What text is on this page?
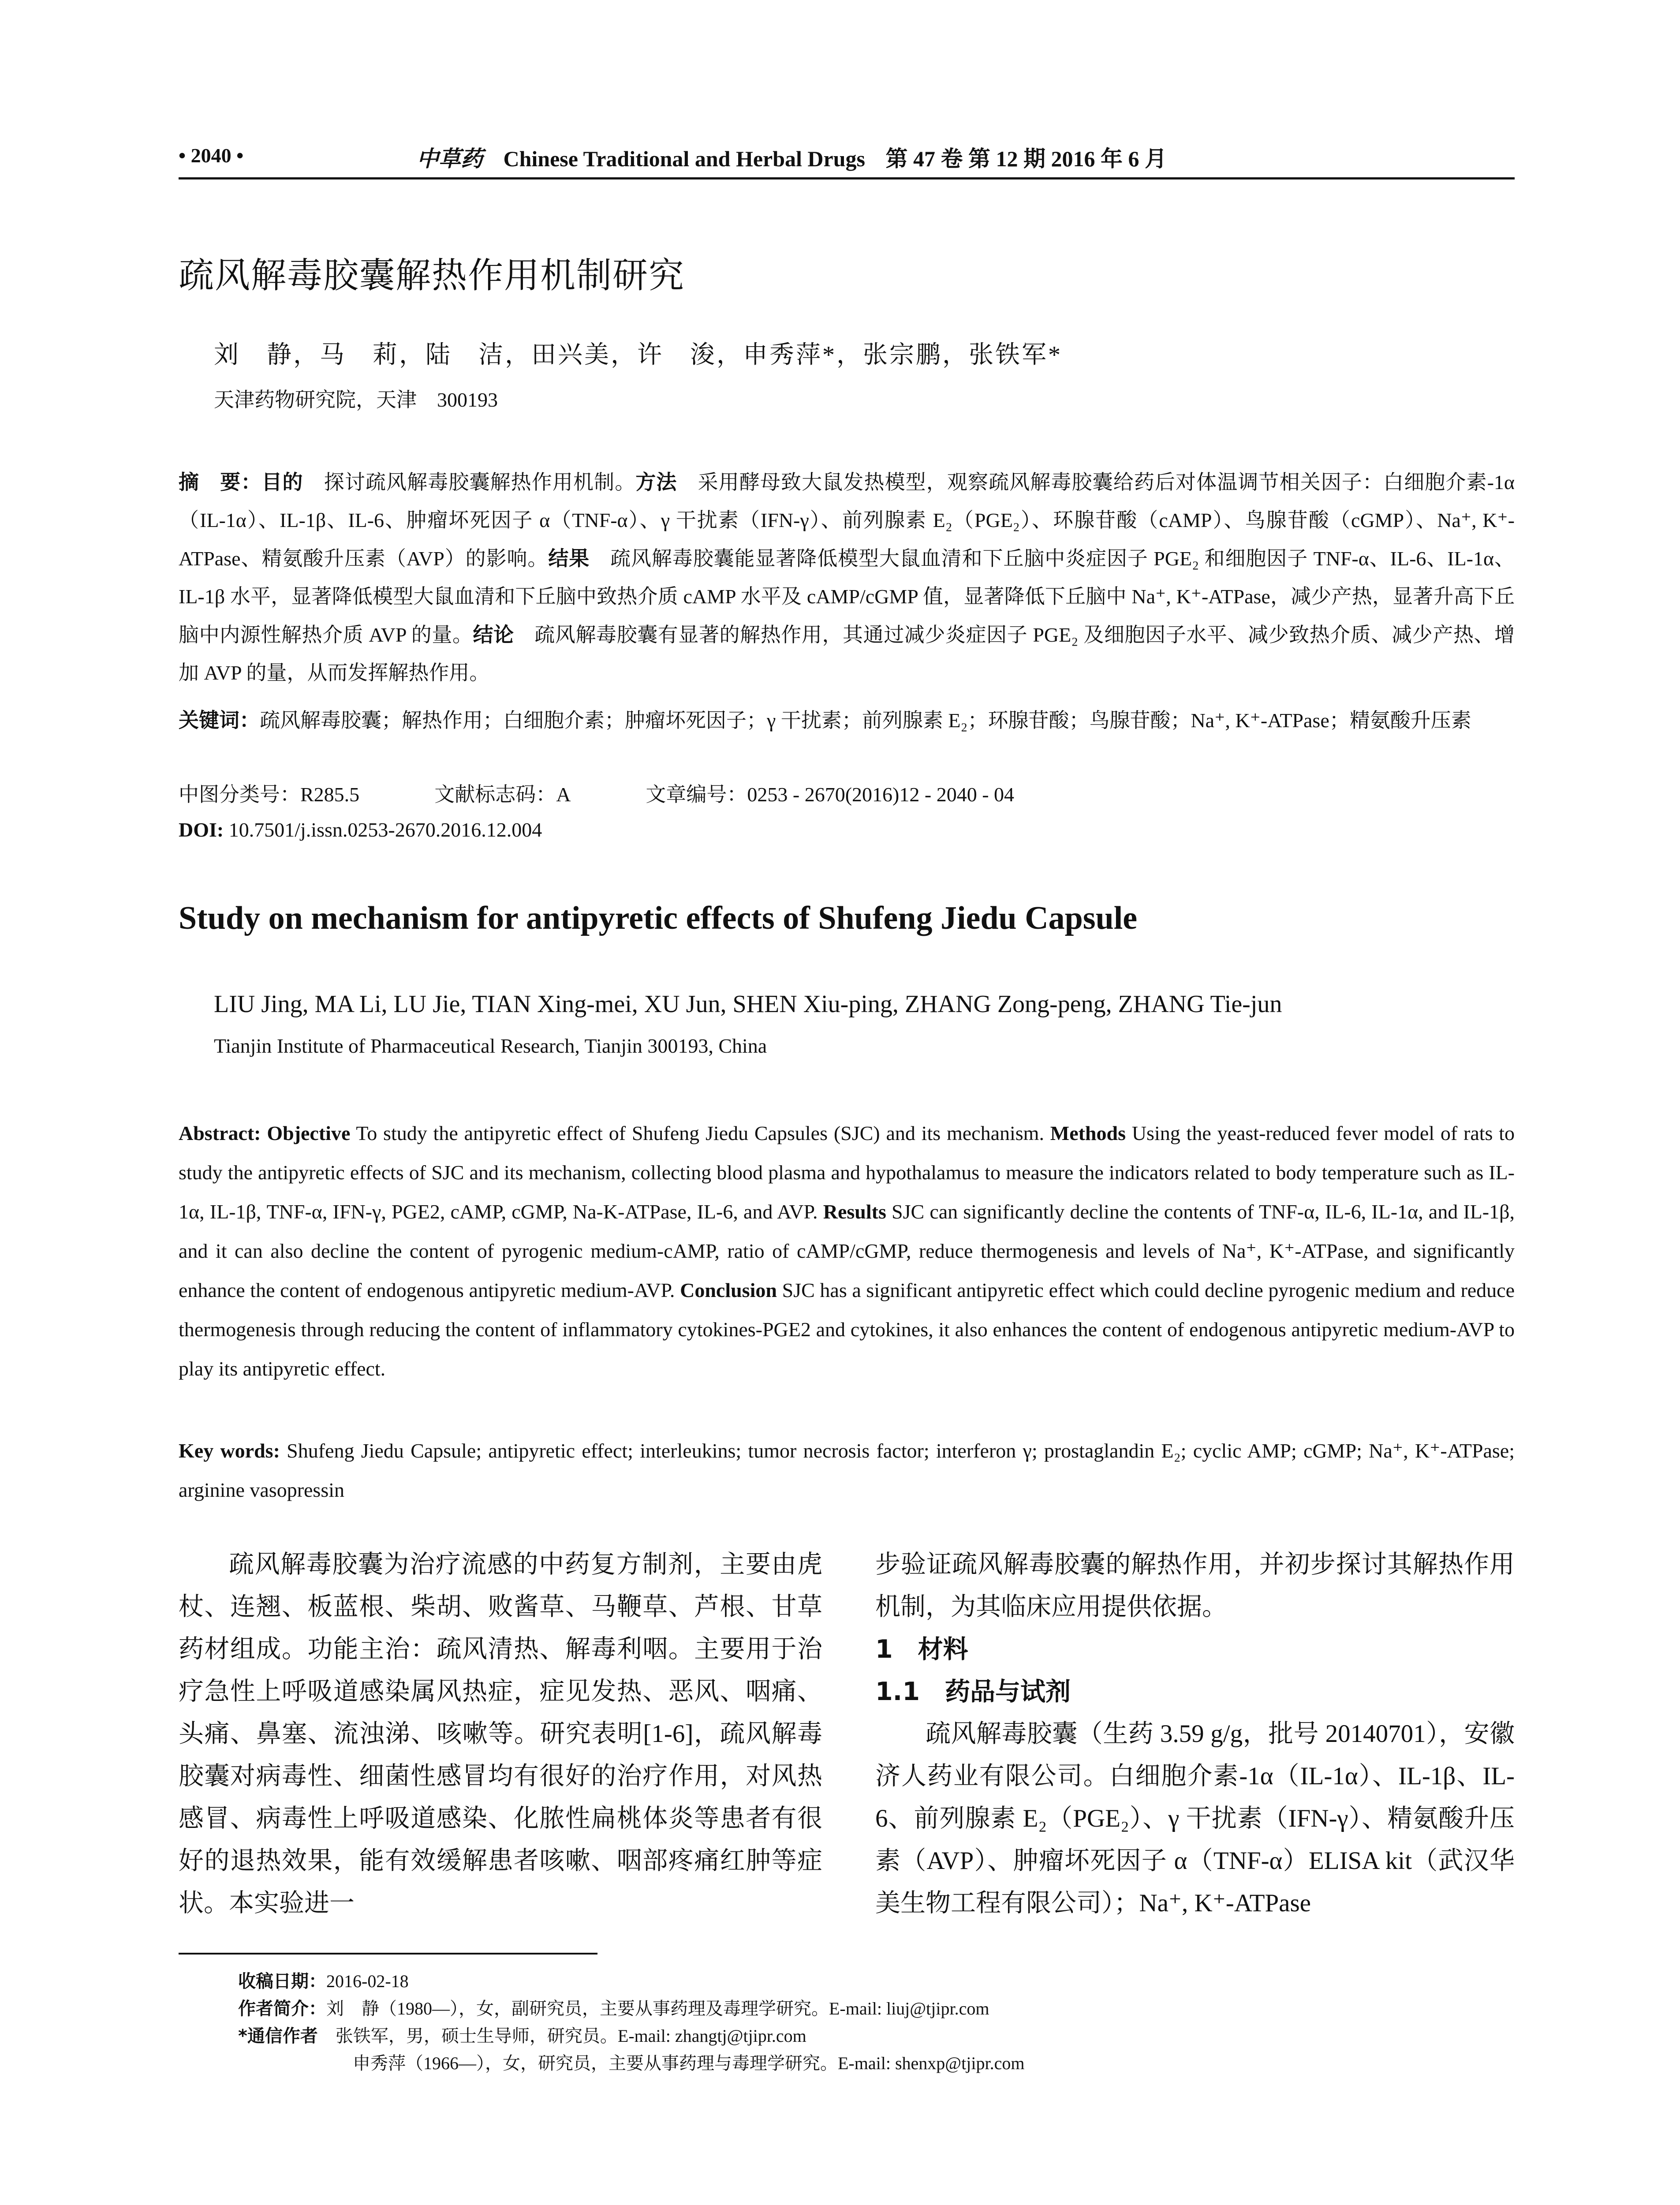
• 2040 •	中草药 Chinese Traditional and Herbal Drugs 第 47 卷 第 12 期 2016 年 6 月
疏风解毒胶囊解热作用机制研究
刘　静，马　莉，陆　洁，田兴美，许　浚，申秀萍*，张宗鹏，张铁军*
天津药物研究院，天津　300193
摘　要：目的　探讨疏风解毒胶囊解热作用机制。方法　采用酵母致大鼠发热模型，观察疏风解毒胶囊给药后对体温调节相关因子：白细胞介素-1α（IL-1α）、IL-1β、IL-6、肿瘤坏死因子 α（TNF-α）、γ 干扰素（IFN-γ）、前列腺素 E₂（PGE₂）、环腺苷酸（cAMP）、鸟腺苷酸（cGMP）、Na⁺, K⁺-ATPase、精氨酸升压素（AVP）的影响。结果　疏风解毒胶囊能显著降低模型大鼠血清和下丘脑中炎症因子 PGE₂ 和细胞因子 TNF-α、IL-6、IL-1α、IL-1β 水平，显著降低模型大鼠血清和下丘脑中致热介质 cAMP 水平及 cAMP/cGMP 值，显著降低下丘脑中 Na⁺, K⁺-ATPase，减少产热，显著升高下丘脑中内源性解热介质 AVP 的量。结论　疏风解毒胶囊有显著的解热作用，其通过减少炎症因子 PGE₂ 及细胞因子水平、减少致热介质、减少产热、增加 AVP 的量，从而发挥解热作用。
关键词：疏风解毒胶囊；解热作用；白细胞介素；肿瘤坏死因子；γ 干扰素；前列腺素 E₂；环腺苷酸；鸟腺苷酸；Na⁺, K⁺-ATPase；精氨酸升压素
中图分类号：R285.5	文献标志码：A	文章编号：0253 - 2670(2016)12 - 2040 - 04
DOI: 10.7501/j.issn.0253-2670.2016.12.004
Study on mechanism for antipyretic effects of Shufeng Jiedu Capsule
LIU Jing, MA Li, LU Jie, TIAN Xing-mei, XU Jun, SHEN Xiu-ping, ZHANG Zong-peng, ZHANG Tie-jun
Tianjin Institute of Pharmaceutical Research, Tianjin 300193, China
Abstract: Objective To study the antipyretic effect of Shufeng Jiedu Capsules (SJC) and its mechanism. Methods Using the yeast-reduced fever model of rats to study the antipyretic effects of SJC and its mechanism, collecting blood plasma and hypothalamus to measure the indicators related to body temperature such as IL-1α, IL-1β, TNF-α, IFN-γ, PGE2, cAMP, cGMP, Na-K-ATPase, IL-6, and AVP. Results SJC can significantly decline the contents of TNF-α, IL-6, IL-1α, and IL-1β, and it can also decline the content of pyrogenic medium-cAMP, ratio of cAMP/cGMP, reduce thermogenesis and levels of Na⁺, K⁺-ATPase, and significantly enhance the content of endogenous antipyretic medium-AVP. Conclusion SJC has a significant antipyretic effect which could decline pyrogenic medium and reduce thermogenesis through reducing the content of inflammatory cytokines-PGE2 and cytokines, it also enhances the content of endogenous antipyretic medium-AVP to play its antipyretic effect.
Key words: Shufeng Jiedu Capsule; antipyretic effect; interleukins; tumor necrosis factor; interferon γ; prostaglandin E₂; cyclic AMP; cGMP; Na⁺, K⁺-ATPase; arginine vasopressin

疏风解毒胶囊为治疗流感的中药复方制剂，主要由虎杖、连翘、板蓝根、柴胡、败酱草、马鞭草、芦根、甘草药材组成。功能主治：疏风清热、解毒利咽。主要用于治疗急性上呼吸道感染属风热症，症见发热、恶风、咽痛、头痛、鼻塞、流浊涕、咳嗽等。研究表明[1-6]，疏风解毒胶囊对病毒性、细菌性感冒均有很好的治疗作用，对风热感冒、病毒性上呼吸道感染、化脓性扁桃体炎等患者有很好的退热效果，能有效缓解患者咳嗽、咽部疼痛红肿等症状。本实验进一

步验证疏风解毒胶囊的解热作用，并初步探讨其解热作用机制，为其临床应用提供依据。

1　材料

1.1　药品与试剂

疏风解毒胶囊（生药 3.59 g/g，批号 20140701），安徽济人药业有限公司。白细胞介素-1α（IL-1α）、IL-1β、IL-6、前列腺素 E₂（PGE₂）、γ 干扰素（IFN-γ）、精氨酸升压素（AVP）、肿瘤坏死因子 α（TNF-α）ELISA kit（武汉华美生物工程有限公司）；Na⁺, K⁺-ATPase

收稿日期：2016-02-18
作者简介：刘　静（1980—），女，副研究员，主要从事药理及毒理学研究。E-mail: liuj@tjipr.com
*通信作者　张铁军，男，硕士生导师，研究员。E-mail: zhangtj@tjipr.com
申秀萍（1966—），女，研究员，主要从事药理与毒理学研究。E-mail: shenxp@tjipr.com
